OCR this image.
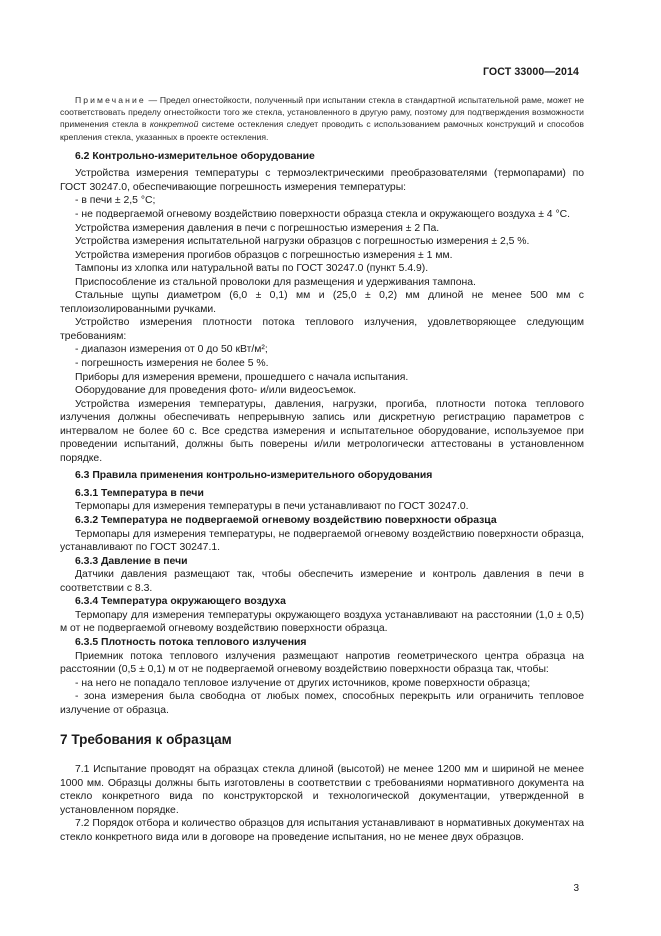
ГОСТ 33000—2014

Примечание — Предел огнестойкости, полученный при испытании стекла в стандартной испытательной раме, может не соответствовать пределу огнестойкости того же стекла, установленного в другую раму, поэтому для подтверждения возможности применения стекла в конкретной системе остекления следует проводить с использованием рамочных конструкций и способов крепления стекла, указанных в проекте остекления.

6.2 Контрольно-измерительное оборудование

Устройства измерения температуры с термоэлектрическими преобразователями (термопарами) по ГОСТ 30247.0, обеспечивающие погрешность измерения температуры:

- в печи ± 2,5 °С;

- не подвергаемой огневому воздействию поверхности образца стекла и окружающего воздуха ± 4 °С.

Устройства измерения давления в печи с погрешностью измерения ± 2 Па.

Устройства измерения испытательной нагрузки образцов с погрешностью измерения ± 2,5 %.

Устройства измерения прогибов образцов с погрешностью измерения ± 1 мм.

Тампоны из хлопка или натуральной ваты по ГОСТ 30247.0 (пункт 5.4.9).

Приспособление из стальной проволоки для размещения и удерживания тампона.

Стальные щупы диаметром (6,0 ± 0,1) мм и (25,0 ± 0,2) мм длиной не менее 500 мм с теплоизолированными ручками.

Устройство измерения плотности потока теплового излучения, удовлетворяющее следующим требованиям:

- диапазон измерения от 0 до 50 кВт/м²;

- погрешность измерения не более 5 %.

Приборы для измерения времени, прошедшего с начала испытания.

Оборудование для проведения фото- и/или видеосъемок.

Устройства измерения температуры, давления, нагрузки, прогиба, плотности потока теплового излучения должны обеспечивать непрерывную запись или дискретную регистрацию параметров с интервалом не более 60 с. Все средства измерения и испытательное оборудование, используемое при проведении испытаний, должны быть поверены и/или метрологически аттестованы в установленном порядке.

6.3 Правила применения контрольно-измерительного оборудования
6.3.1 Температура в печи

Термопары для измерения температуры в печи устанавливают по ГОСТ 30247.0.

6.3.2 Температура не подвергаемой огневому воздействию поверхности образца

Термопары для измерения температуры, не подвергаемой огневому воздействию поверхности образца, устанавливают по ГОСТ 30247.1.

6.3.3 Давление в печи

Датчики давления размещают так, чтобы обеспечить измерение и контроль давления в печи в соответствии с 8.3.

6.3.4 Температура окружающего воздуха

Термопару для измерения температуры окружающего воздуха устанавливают на расстоянии (1,0 ± 0,5) м от не подвергаемой огневому воздействию поверхности образца.

6.3.5 Плотность потока теплового излучения

Приемник потока теплового излучения размещают напротив геометрического центра образца на расстоянии (0,5 ± 0,1) м от не подвергаемой огневому воздействию поверхности образца так, чтобы:

- на него не попадало тепловое излучение от других источников, кроме поверхности образца;

- зона измерения была свободна от любых помех, способных перекрыть или ограничить тепловое излучение от образца.

7 Требования к образцам

7.1 Испытание проводят на образцах стекла длиной (высотой) не менее 1200 мм и шириной не менее 1000 мм. Образцы должны быть изготовлены в соответствии с требованиями нормативного документа на стекло конкретного вида по конструкторской и технологической документации, утвержденной в установленном порядке.

7.2 Порядок отбора и количество образцов для испытания устанавливают в нормативных документах на стекло конкретного вида или в договоре на проведение испытания, но не менее двух образцов.

3
